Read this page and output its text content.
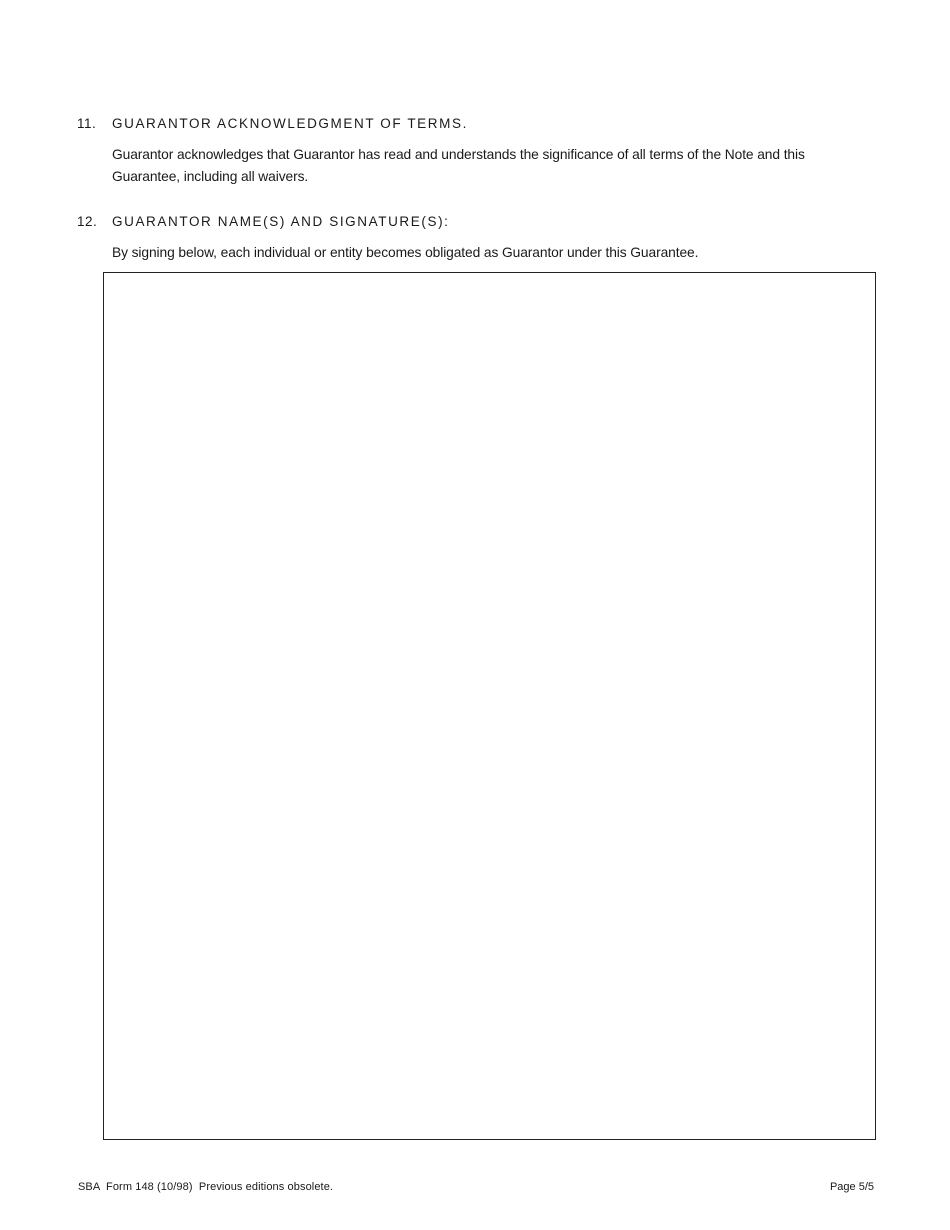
11. GUARANTOR ACKNOWLEDGMENT OF TERMS.
Guarantor acknowledges that Guarantor has read and understands the significance of all terms of the Note and this Guarantee, including all waivers.
12. GUARANTOR NAME(S) AND SIGNATURE(S):
By signing below, each individual or entity becomes obligated as Guarantor under this Guarantee.
SBA  Form 148 (10/98)  Previous editions obsolete.	Page 5/5
